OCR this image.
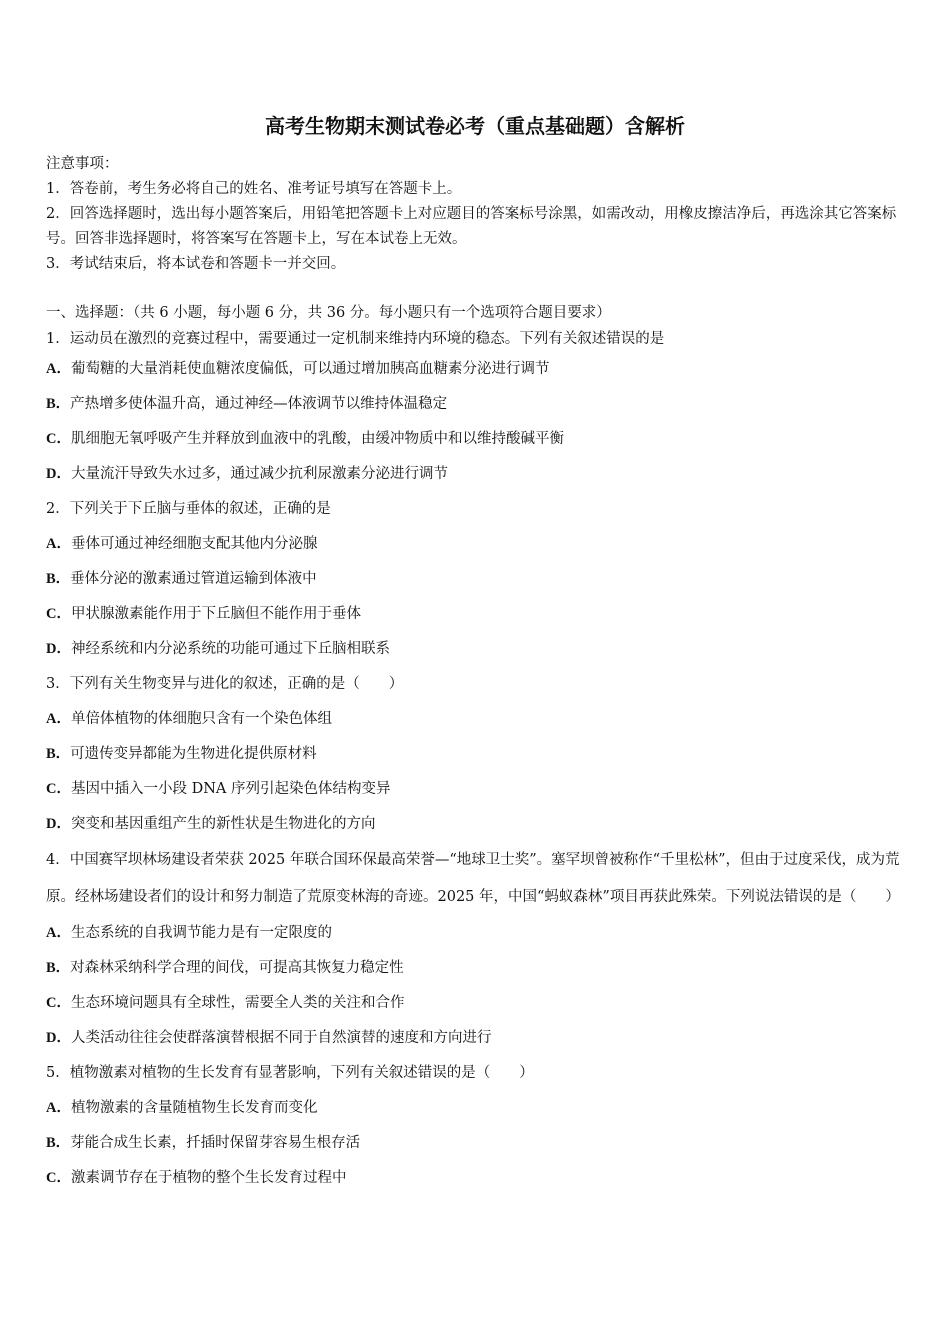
高考生物期末测试卷必考（重点基础题）含解析
注意事项：
1．答卷前，考生务必将自己的姓名、准考证号填写在答题卡上。
2．回答选择题时，选出每小题答案后，用铅笔把答题卡上对应题目的答案标号涂黑，如需改动，用橡皮擦洁净后，再选涂其它答案标号。回答非选择题时，将答案写在答题卡上，写在本试卷上无效。
3．考试结束后，将本试卷和答题卡一并交回。
一、选择题：（共 6 小题，每小题 6 分，共 36 分。每小题只有一个选项符合题目要求）
1．运动员在激烈的竞赛过程中，需要通过一定机制来维持内环境的稳态。下列有关叙述错误的是
A．葡萄糖的大量消耗使血糖浓度偏低，可以通过增加胰高血糖素分泌进行调节
B．产热增多使体温升高，通过神经—体液调节以维持体温稳定
C．肌细胞无氧呼吸产生并释放到血液中的乳酸，由缓冲物质中和以维持酸碱平衡
D．大量流汗导致失水过多，通过减少抗利尿激素分泌进行调节
2．下列关于下丘脑与垂体的叙述，正确的是
A．垂体可通过神经细胞支配其他内分泌腺
B．垂体分泌的激素通过管道运输到体液中
C．甲状腺激素能作用于下丘脑但不能作用于垂体
D．神经系统和内分泌系统的功能可通过下丘脑相联系
3．下列有关生物变异与进化的叙述，正确的是（　　）
A．单倍体植物的体细胞只含有一个染色体组
B．可遗传变异都能为生物进化提供原材料
C．基因中插入一小段 DNA 序列引起染色体结构变异
D．突变和基因重组产生的新性状是生物进化的方向
4．中国赛罕坝林场建设者荣获 2025 年联合国环保最高荣誉—“地球卫士奖”。塞罕坝曾被称作“千里松林”，但由于过度采伐，成为荒原。经林场建设者们的设计和努力制造了荒原变林海的奇迹。2025 年，中国“蚂蚁森林”项目再获此殊荣。下列说法错误的是（　　）
A．生态系统的自我调节能力是有一定限度的
B．对森林采纳科学合理的间伐，可提高其恢复力稳定性
C．生态环境问题具有全球性，需要全人类的关注和合作
D．人类活动往往会使群落演替根据不同于自然演替的速度和方向进行
5．植物激素对植物的生长发育有显著影响，下列有关叙述错误的是（　　）
A．植物激素的含量随植物生长发育而变化
B．芽能合成生长素，扦插时保留芽容易生根存活
C．激素调节存在于植物的整个生长发育过程中
